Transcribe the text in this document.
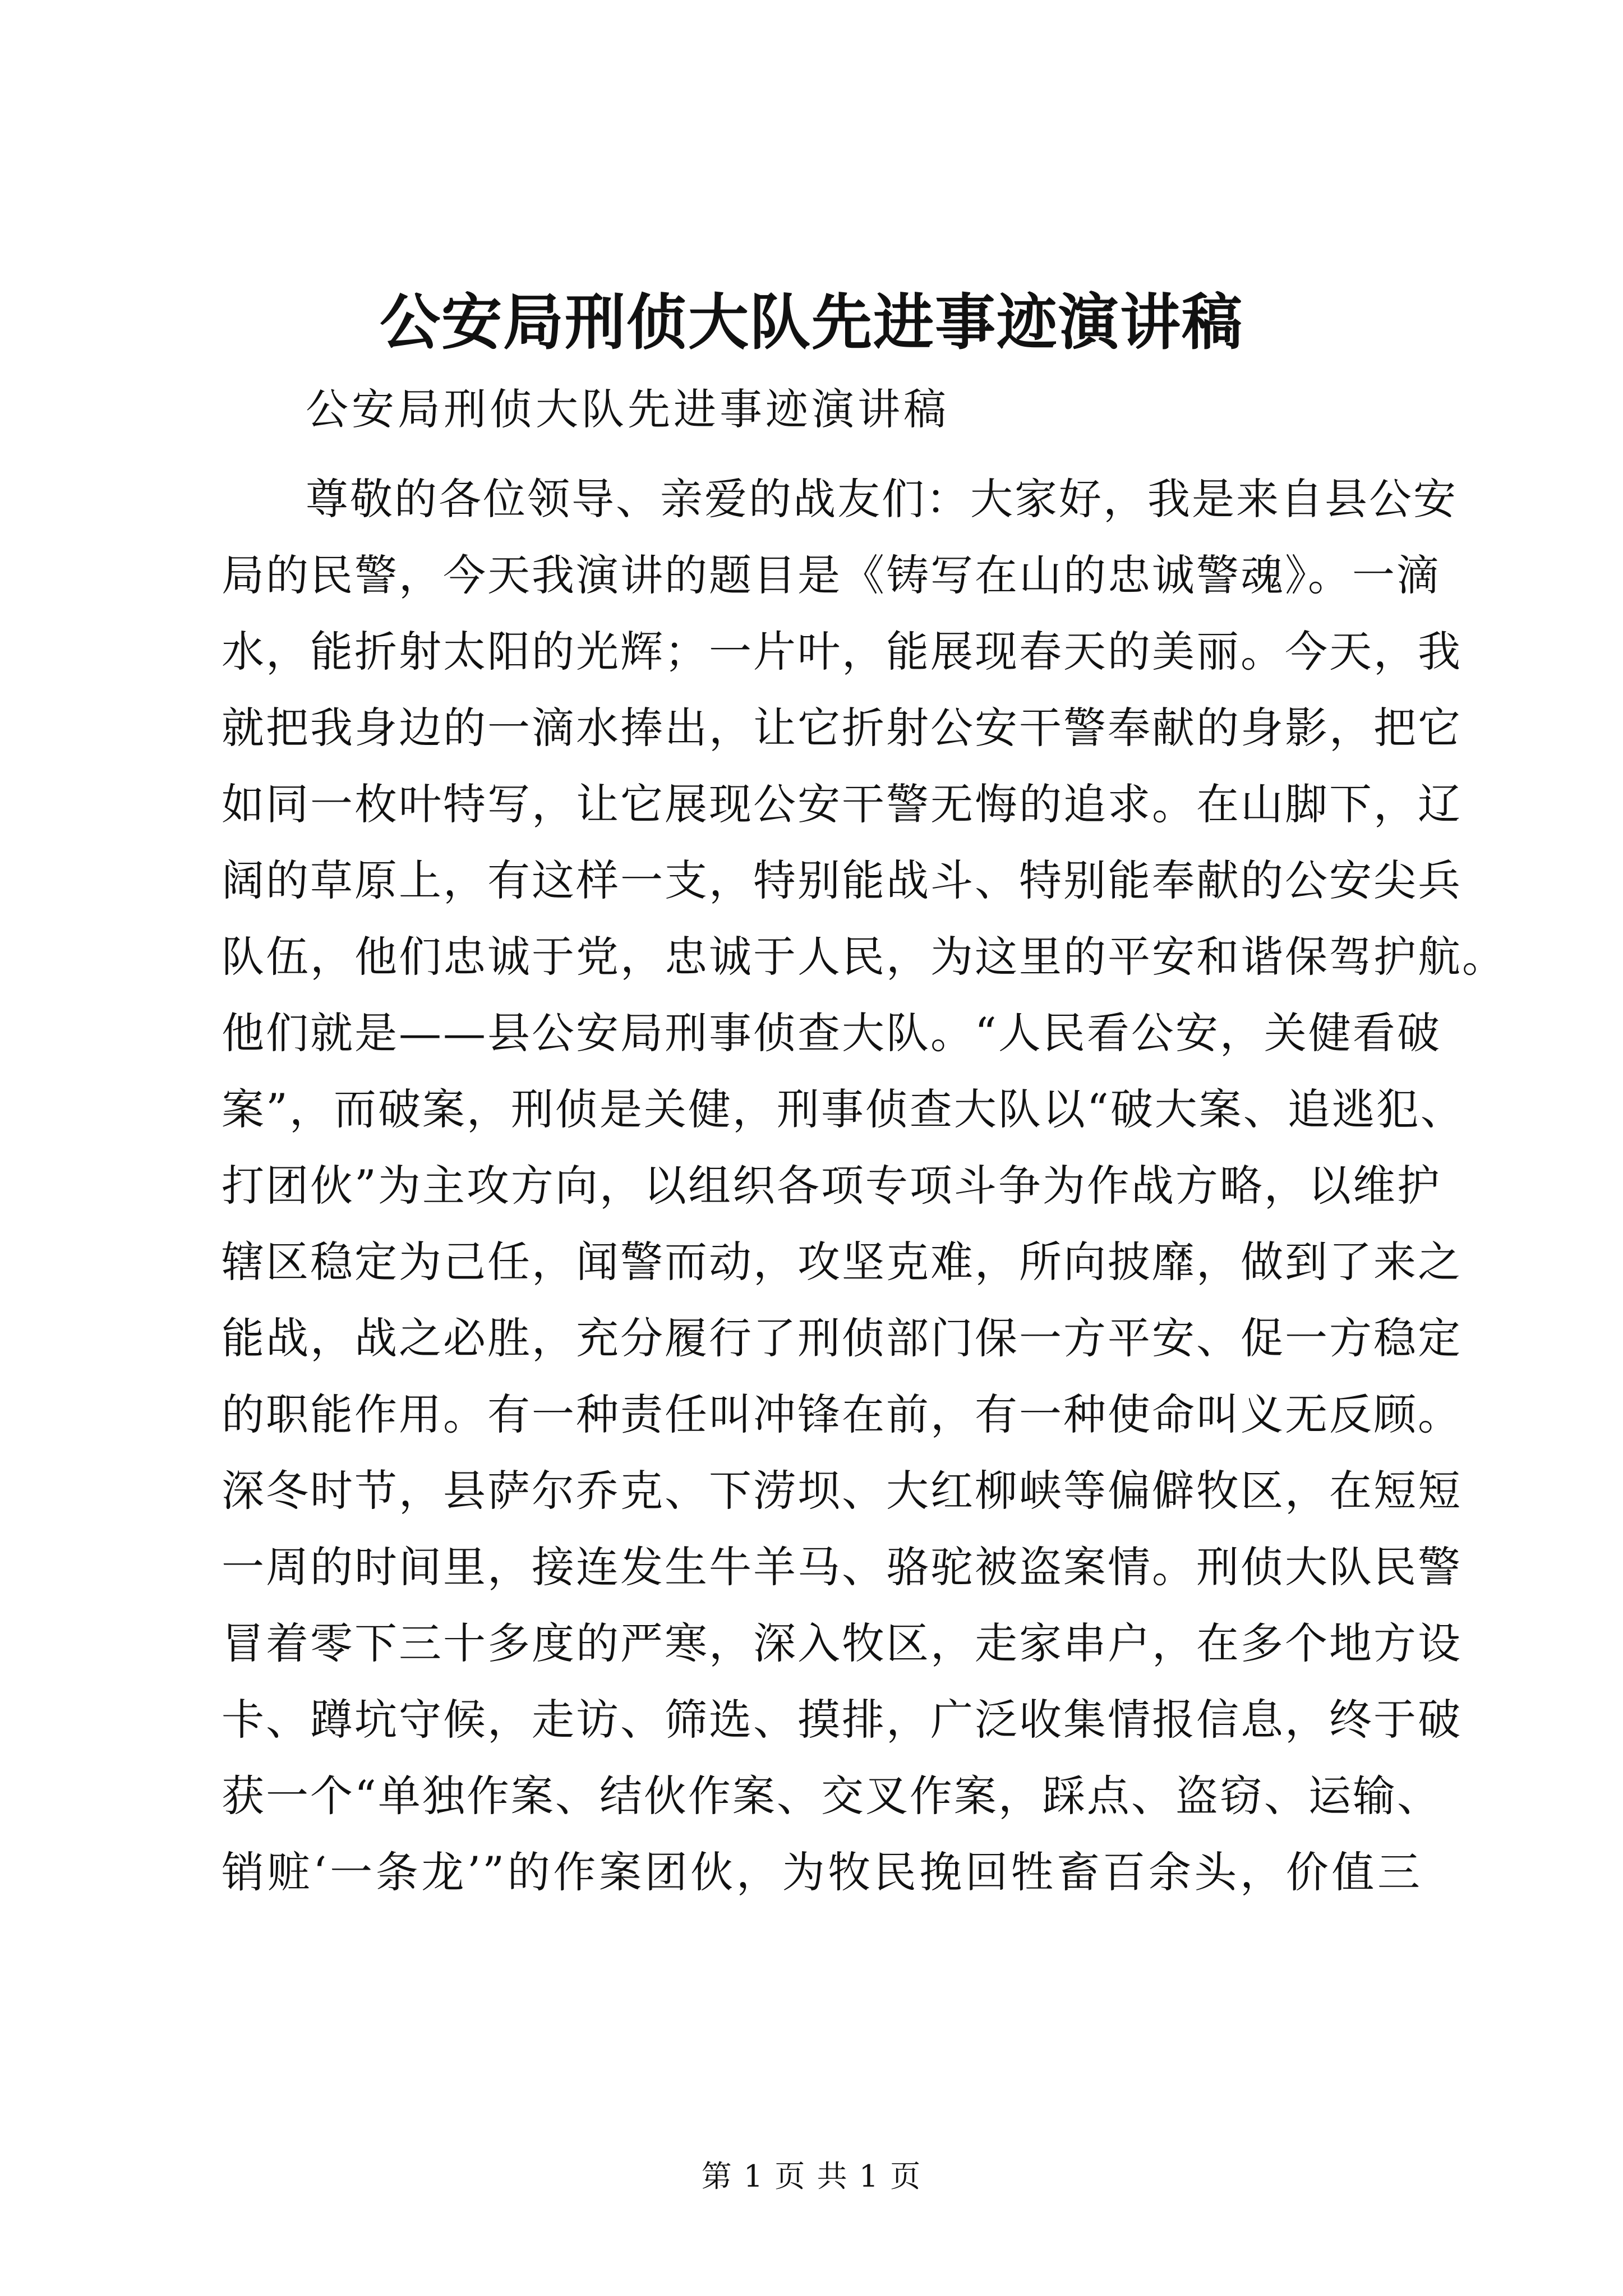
公安局刑侦大队先进事迹演讲稿
公安局刑侦大队先进事迹演讲稿
尊敬的各位领导、亲爱的战友们：大家好，我是来自县公安
局的民警，今天我演讲的题目是《铸写在山的忠诚警魂》。一滴
水，能折射太阳的光辉；一片叶，能展现春天的美丽。今天，我
就把我身边的一滴水捧出，让它折射公安干警奉献的身影，把它
如同一枚叶特写，让它展现公安干警无悔的追求。在山脚下，辽
阔的草原上，有这样一支，特别能战斗、特别能奉献的公安尖兵
队伍，他们忠诚于党，忠诚于人民，为这里的平安和谐保驾护航。
他们就是——县公安局刑事侦查大队。“人民看公安，关健看破
案”，而破案，刑侦是关健，刑事侦查大队以“破大案、追逃犯、
打团伙”为主攻方向，以组织各项专项斗争为作战方略，以维护
辖区稳定为己任，闻警而动，攻坚克难，所向披靡，做到了来之
能战，战之必胜，充分履行了刑侦部门保一方平安、促一方稳定
的职能作用。有一种责任叫冲锋在前，有一种使命叫义无反顾。
深冬时节，县萨尔乔克、下涝坝、大红柳峡等偏僻牧区，在短短
一周的时间里，接连发生牛羊马、骆驼被盗案情。刑侦大队民警
冒着零下三十多度的严寒，深入牧区，走家串户，在多个地方设
卡、蹲坑守候，走访、筛选、摸排，广泛收集情报信息，终于破
获一个“单独作案、结伙作案、交叉作案，踩点、盗窃、运输、
销赃‘一条龙’”的作案团伙，为牧民挽回牲畜百余头，价值三
第 1 页 共 1 页
